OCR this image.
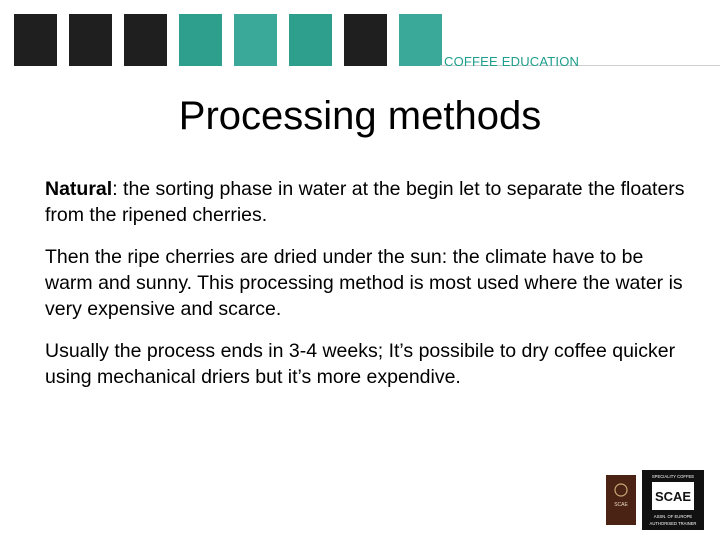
COFFEE EDUCATION
Processing methods

Natural: the sorting phase in water at the begin let to separate the floaters from the ripened cherries.

Then the ripe cherries are dried under the sun: the climate have to be warm and sunny. This processing method is most used where the water is very expensive and scarce.

Usually the process ends in 3-4 weeks; It’s possibile to dry coffee quicker using mechanical driers but it’s more expendive.

SCAE
SPECIALITY COFFEE
SCAE
ASSN. OF EUROPE
AUTHORISED TRAINER
